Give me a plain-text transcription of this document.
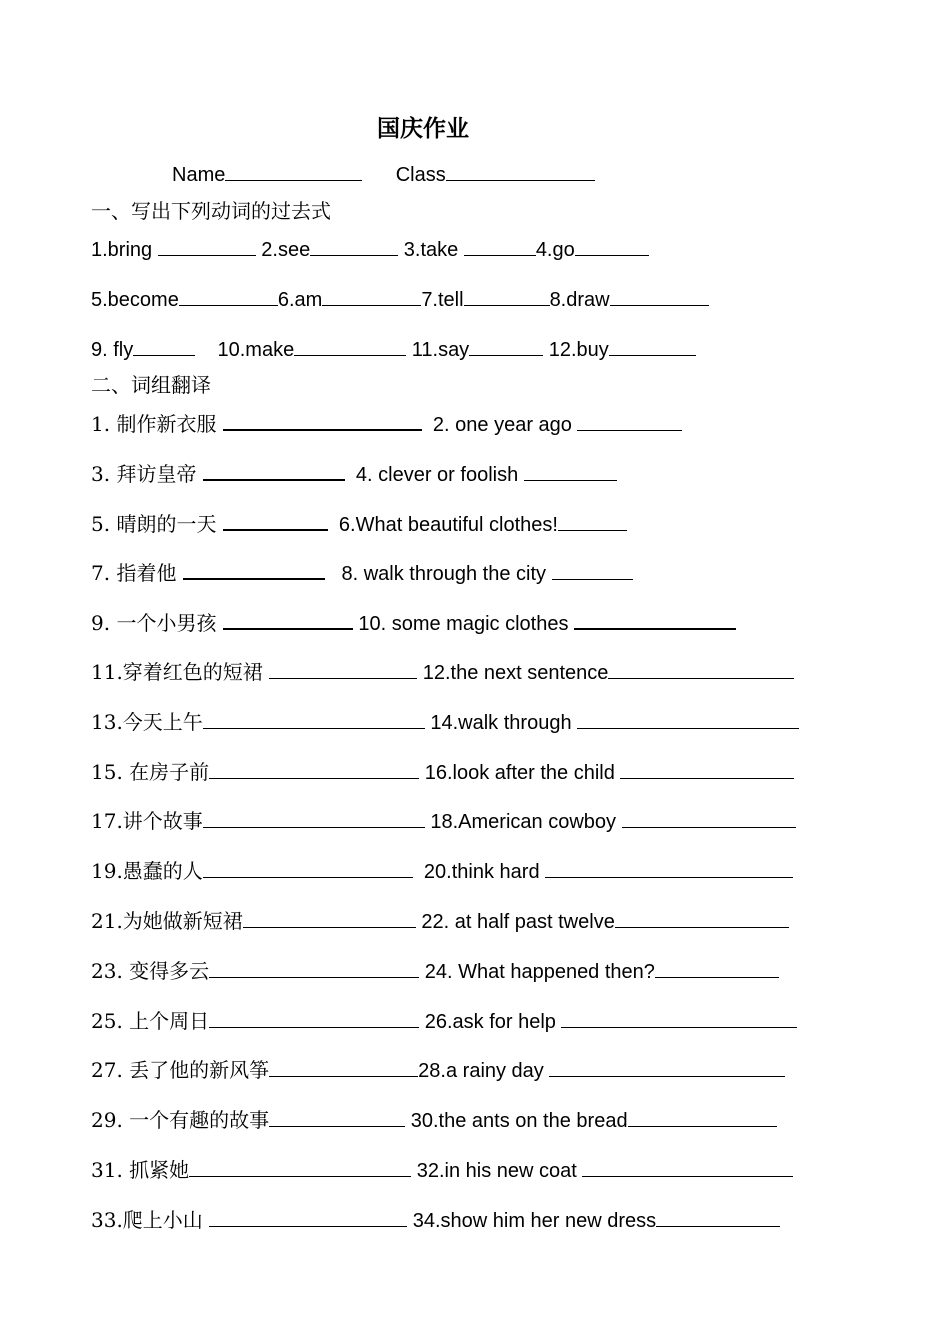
国庆作业
Name	Class
一、写出下列动词的过去式
1.bring	2.see	3.take	4.go
5.become	6.am	7.tell	8.draw
9. fly	10.make	11.say	12.buy
二、词组翻译
1. 制作新衣服	2. one year ago
3. 拜访皇帝	4. clever or foolish
5. 晴朗的一天	6.What beautiful clothes!
7. 指着他	8. walk through the city
9. 一个小男孩	10. some magic clothes
11.穿着红色的短裙	12.the next sentence
13.今天上午	14.walk through
15. 在房子前	16.look after the child
17.讲个故事	18.American cowboy
19.愚蠢的人	20.think hard
21.为她做新短裙	22. at half past twelve
23. 变得多云	24. What happened then?
25. 上个周日	26.ask for help
27. 丢了他的新风筝	28.a rainy day
29. 一个有趣的故事	30.the ants on the bread
31. 抓紧她	32.in his new coat
33.爬上小山	34.show him her new dress
